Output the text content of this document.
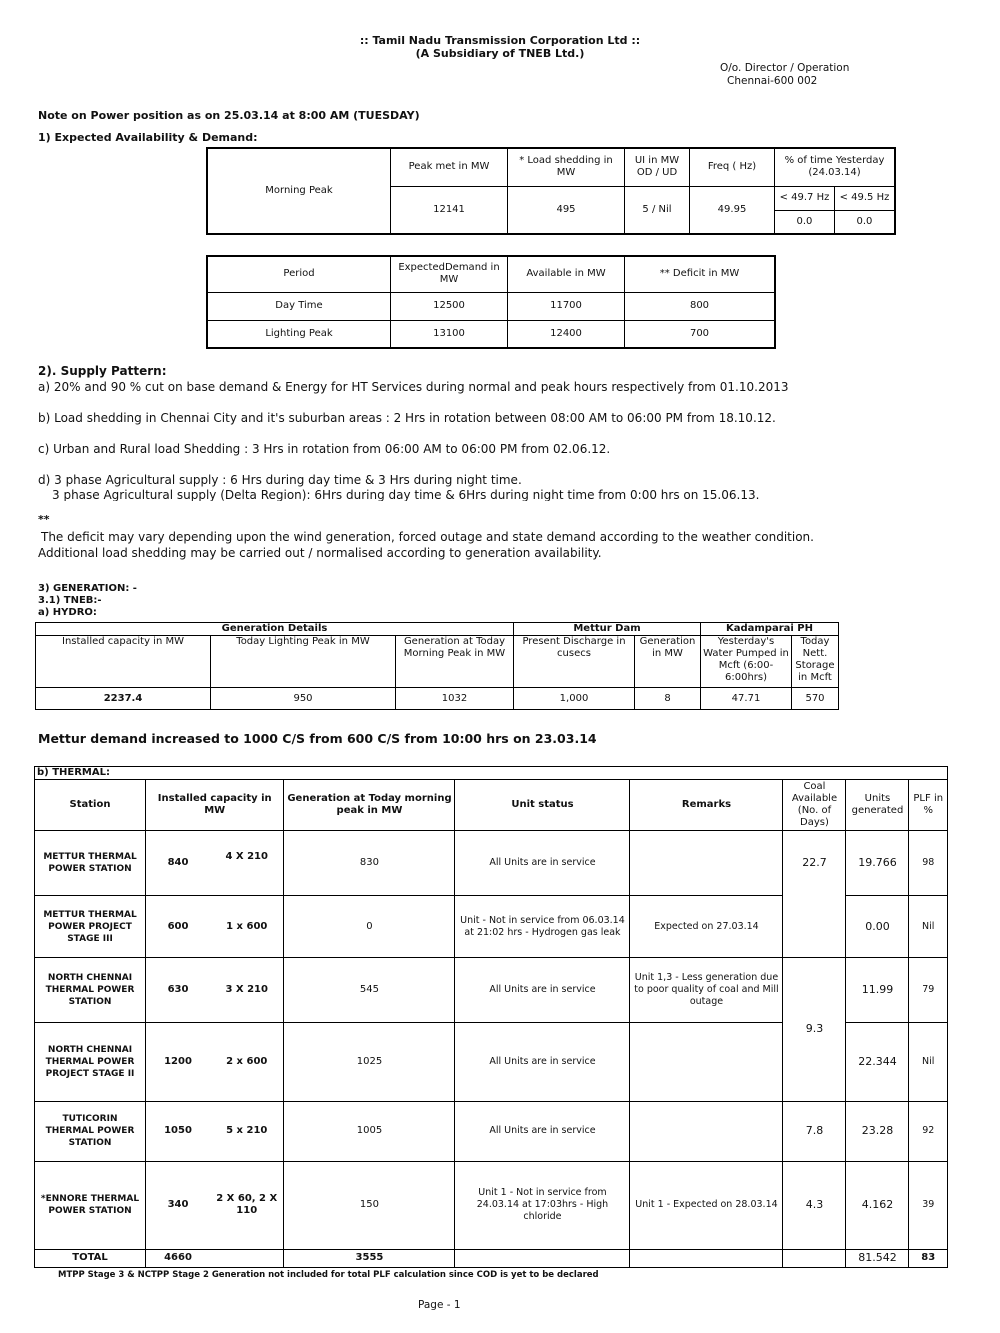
:: Tamil Nadu Transmission Corporation Ltd ::
(A Subsidiary of TNEB Ltd.)
O/o. Director / Operation
Chennai-600 002
Note on Power position as on 25.03.14 at 8:00 AM (TUESDAY)
1) Expected Availability & Demand:
Morning Peak	Peak met in MW	* Load shedding in MW	UI in MW OD / UD	Freq ( Hz)	% of time Yesterday (24.03.14)	
	12141	495	5 / Nil	49.95	< 49.7 Hz	< 49.5 Hz
					0.0	0.0
Period	ExpectedDemand in MW	Available in MW	** Deficit in MW
Day Time	12500	11700	800
Lighting Peak	13100	12400	700
2). Supply Pattern:
a) 20% and 90 % cut on base demand & Energy for HT Services during normal and peak hours respectively from 01.10.2013
b) Load shedding in Chennai City and it's suburban areas : 2 Hrs in rotation between 08:00 AM to 06:00 PM from 18.10.12.
c) Urban and Rural load Shedding : 3 Hrs in rotation from 06:00 AM to 06:00 PM from 02.06.12.
d) 3 phase Agricultural supply : 6 Hrs during day time & 3 Hrs during night time.
3 phase Agricultural supply (Delta Region): 6Hrs during day time & 6Hrs during night time from 0:00 hrs on 15.06.13.
**
The deficit may vary depending upon the wind generation, forced outage and state demand according to the weather condition. Additional load shedding may be carried out / normalised according to generation availability.
3) GENERATION: -
3.1) TNEB:-
a) HYDRO:
Generation Details			Mettur Dam		Kadamparai PH	
Installed capacity in MW	Today Lighting Peak in MW	Generation at Today Morning Peak in MW	Present Discharge in cusecs	Generation in MW	Yesterday's Water Pumped in Mcft (6:00-6:00hrs)	Today Nett. Storage in Mcft
2237.4	950	1032	1,000	8	47.71	570
Mettur demand increased to 1000 C/S from 600 C/S from 10:00 hrs on 23.03.14
b) THERMAL:								
Station	Installed capacity in MW		Generation at Today morning peak in MW	Unit status	Remarks	Coal Available (No. of Days)	Units generated	PLF in %
METTUR THERMAL POWER STATION	840	4 X 210	830	All Units are in service		22.7	19.766	98
METTUR THERMAL POWER PROJECT STAGE III	600	1 x 600	0	Unit - Not in service from 06.03.14 at 21:02 hrs - Hydrogen gas leak	Expected on 27.03.14		0.00	Nil
NORTH CHENNAI THERMAL POWER STATION	630	3 X 210	545	All Units are in service	Unit 1,3 - Less generation due to poor quality of coal and Mill outage	9.3	11.99	79
NORTH CHENNAI THERMAL POWER PROJECT STAGE II	1200	2 x 600	1025	All Units are in service			22.344	Nil
TUTICORIN THERMAL POWER STATION	1050	5 x 210	1005	All Units are in service		7.8	23.28	92
*ENNORE THERMAL POWER STATION	340	2 X 60, 2 X 110	150	Unit 1 - Not in service from 24.03.14 at 17:03hrs - High chloride	Unit 1 - Expected on 28.03.14	4.3	4.162	39
TOTAL	4660		3555				81.542	83
MTPP Stage 3 & NCTPP Stage 2 Generation not included for total PLF calculation since COD is yet to be declared
Page - 1
